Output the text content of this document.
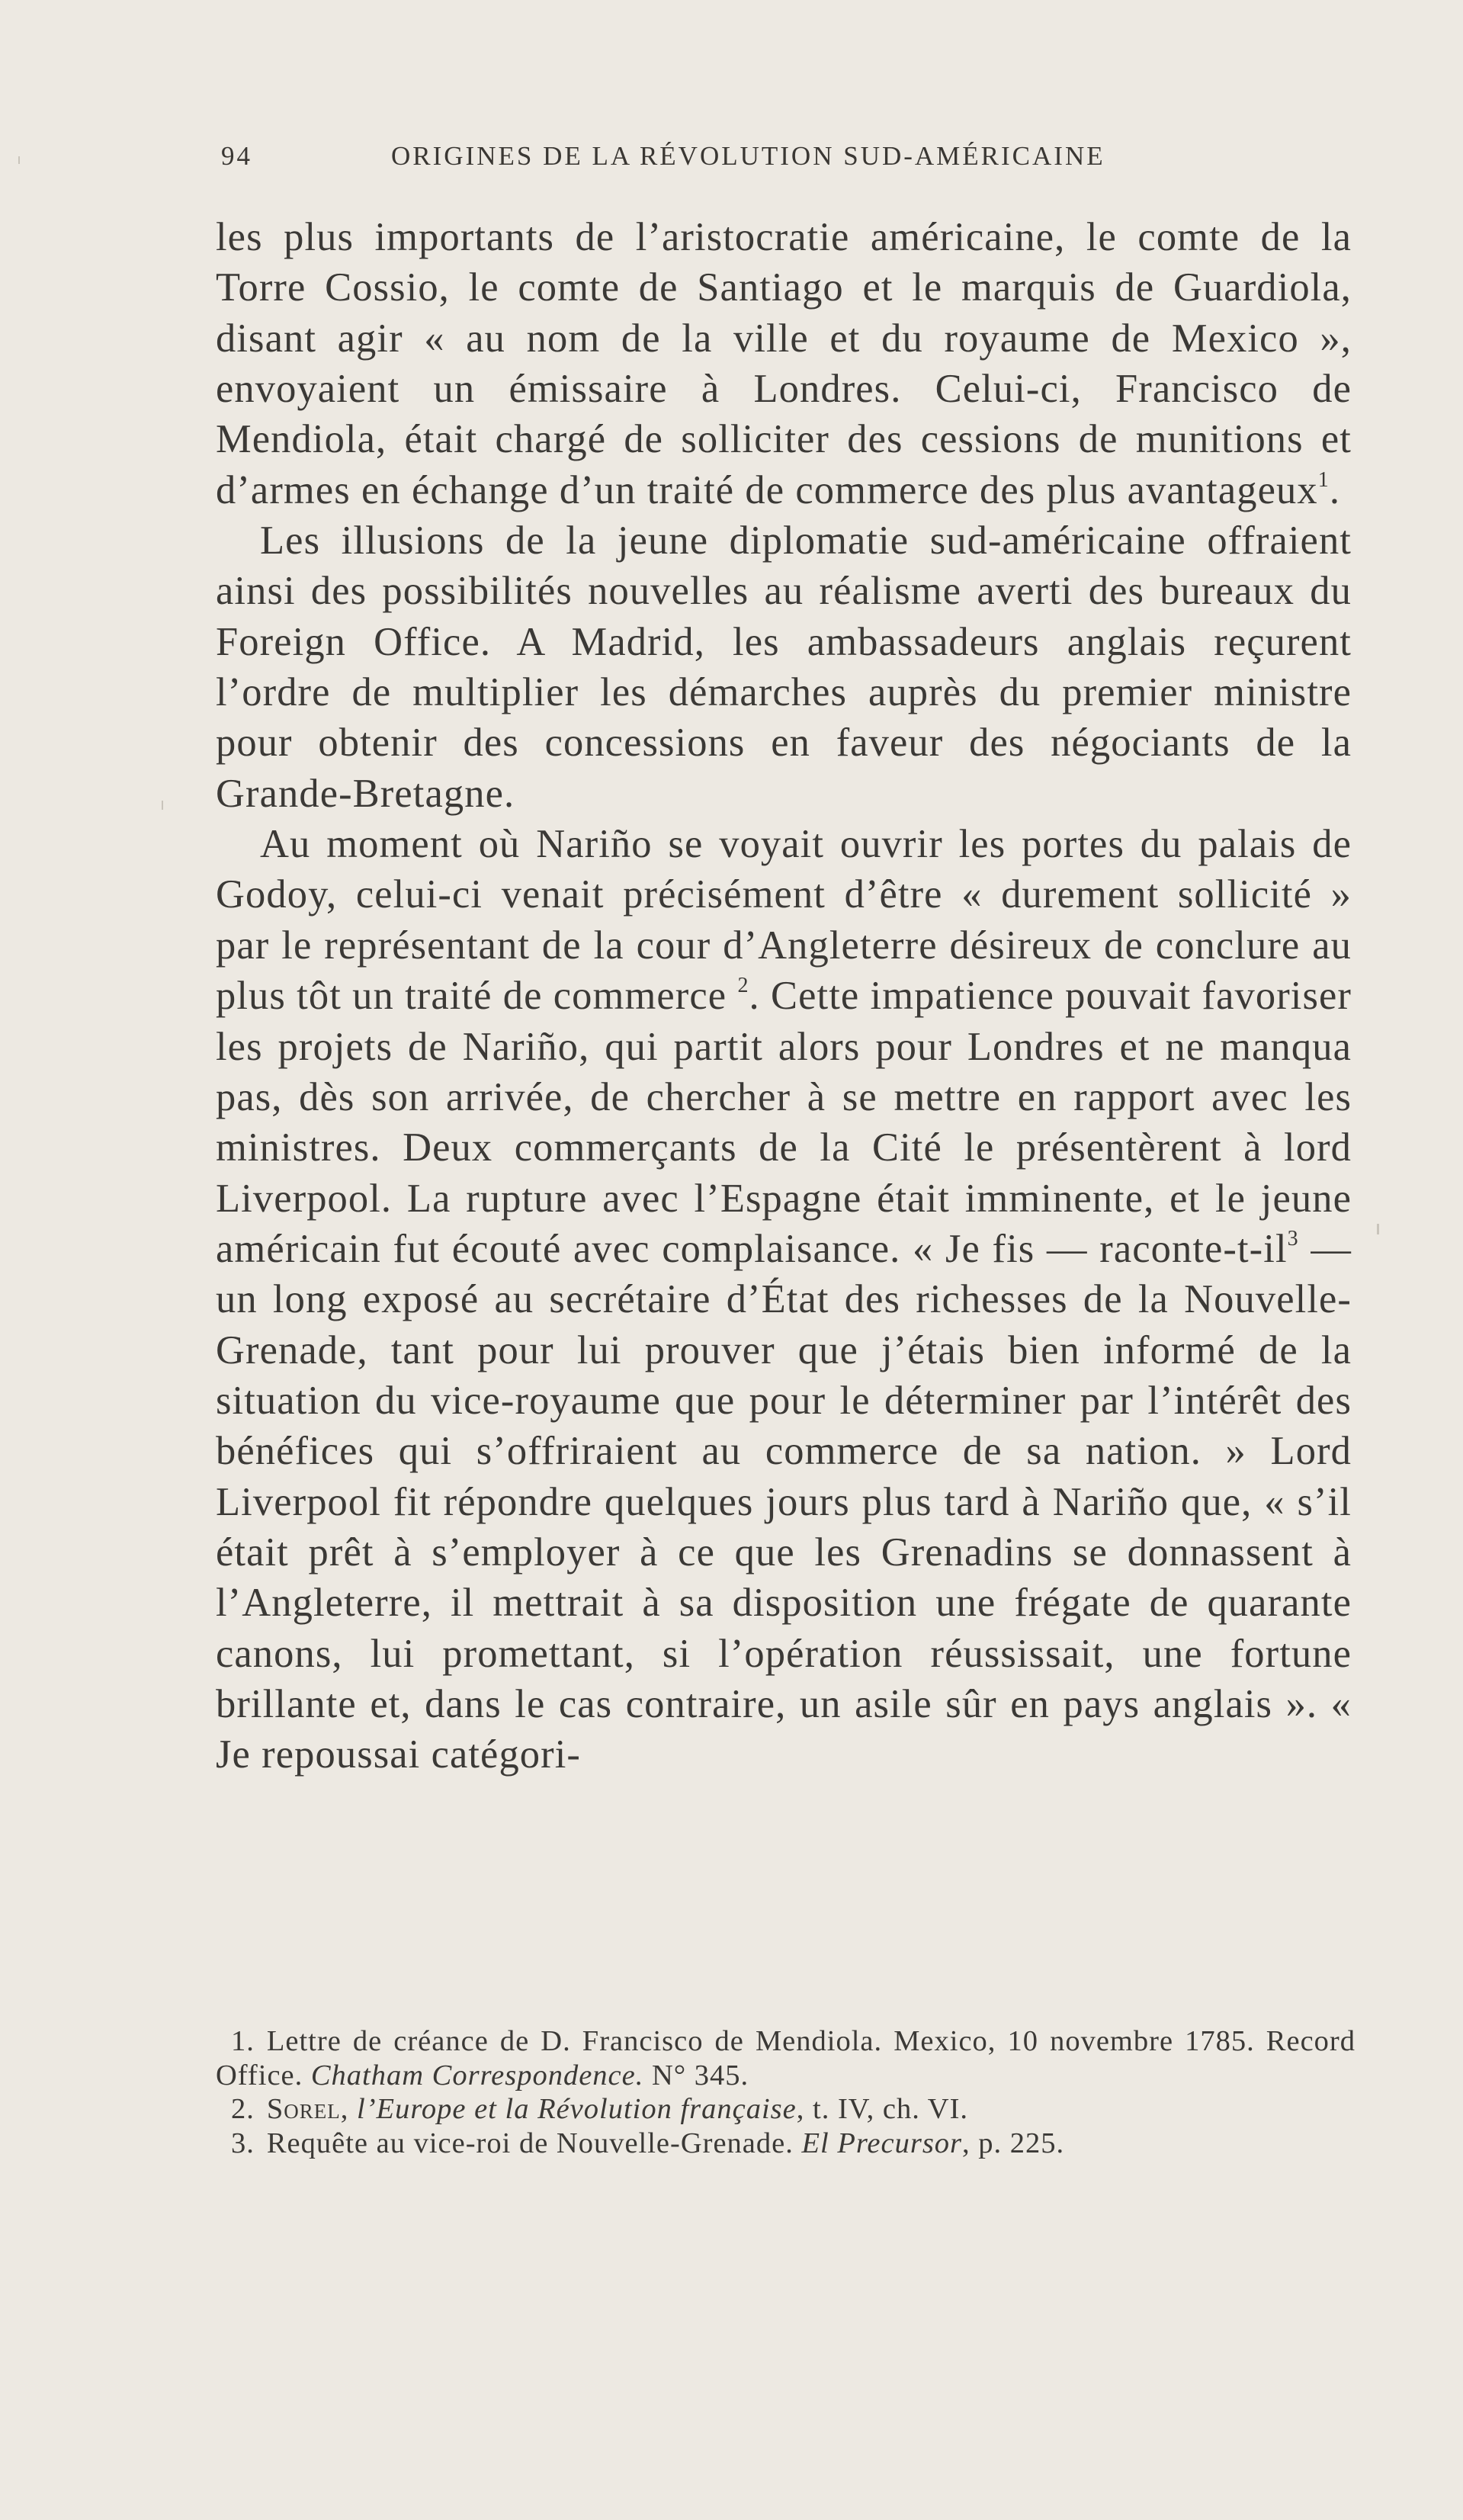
94	ORIGINES DE LA RÉVOLUTION SUD-AMÉRICAINE

les plus importants de l’aristocratie américaine, le comte de la Torre Cossio, le comte de Santiago et le marquis de Guardiola, disant agir « au nom de la ville et du royaume de Mexico », envoyaient un émissaire à Londres. Celui-ci, Francisco de Mendiola, était chargé de solliciter des cessions de munitions et d’armes en échange d’un traité de commerce des plus avantageux$^1$.

Les illusions de la jeune diplomatie sud-américaine offraient ainsi des possibilités nouvelles au réalisme averti des bureaux du Foreign Office. A Madrid, les ambassadeurs anglais reçurent l’ordre de multiplier les démarches auprès du premier ministre pour obtenir des concessions en faveur des négociants de la Grande-Bretagne.

Au moment où Nariño se voyait ouvrir les portes du palais de Godoy, celui-ci venait précisément d’être « durement sollicité » par le représentant de la cour d’Angleterre désireux de conclure au plus tôt un traité de commerce $^2$. Cette impatience pouvait favoriser les projets de Nariño, qui partit alors pour Londres et ne manqua pas, dès son arrivée, de chercher à se mettre en rapport avec les ministres. Deux commerçants de la Cité le présentèrent à lord Liverpool. La rupture avec l’Espagne était imminente, et le jeune américain fut écouté avec complaisance. « Je fis — raconte-$t-il^3$ — un long exposé au secrétaire d’État des richesses de la Nouvelle-Grenade, tant pour lui prouver que j’étais bien informé de la situation du vice-royaume que pour le déterminer par l’intérêt des bénéfices qui s’offriraient au commerce de sa nation. » Lord Liverpool fit répondre quelques jours plus tard à Nariño que, « s’il était prêt à s’employer à ce que les Grenadins se donnassent à l’Angleterre, il mettrait à sa disposition une frégate de quarante canons, lui promettant, si l’opération réussissait, une fortune brillante et, dans le cas contraire, un asile sûr en pays anglais ». « Je repoussai catégori-

1. Lettre de créance de D. Francisco de Mendiola. Mexico, 10 novembre 1785. Record Office. Chatham Correspondence. N° 345.

2. Sorel, l’Europe et la Révolution française, t. IV, ch. VI.

3. Requête au vice-roi de Nouvelle-Grenade. El Precursor, p. 225.
